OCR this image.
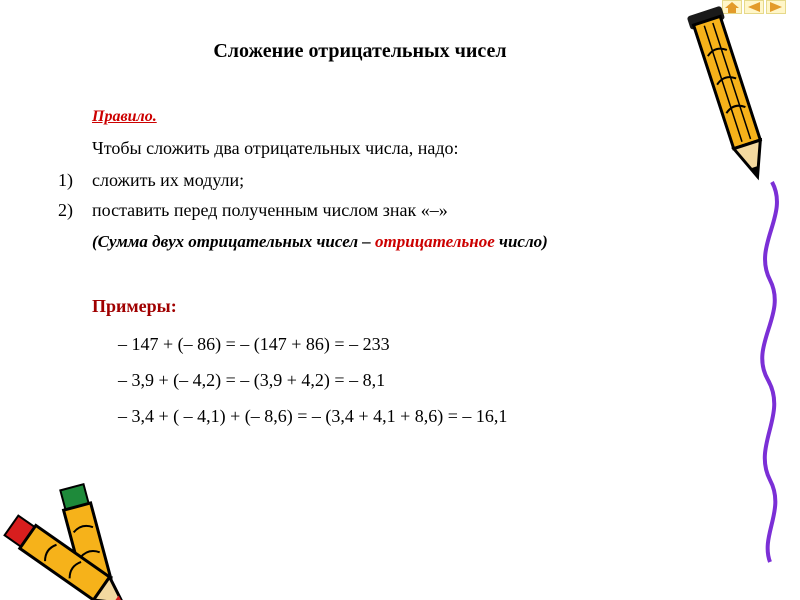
Сложение отрицательных чисел
Правило.
Чтобы сложить два отрицательных числа, надо:
1) сложить их модули;
2) поставить перед полученным числом знак «–»
(Сумма двух отрицательных чисел – отрицательное число)
Примеры:
– 147 + (– 86) = – (147 + 86) = – 233
– 3,9 + (– 4,2) = – (3,9 + 4,2) = – 8,1
– 3,4 + ( – 4,1) + (– 8,6) = – (3,4 + 4,1 + 8,6) = – 16,1
